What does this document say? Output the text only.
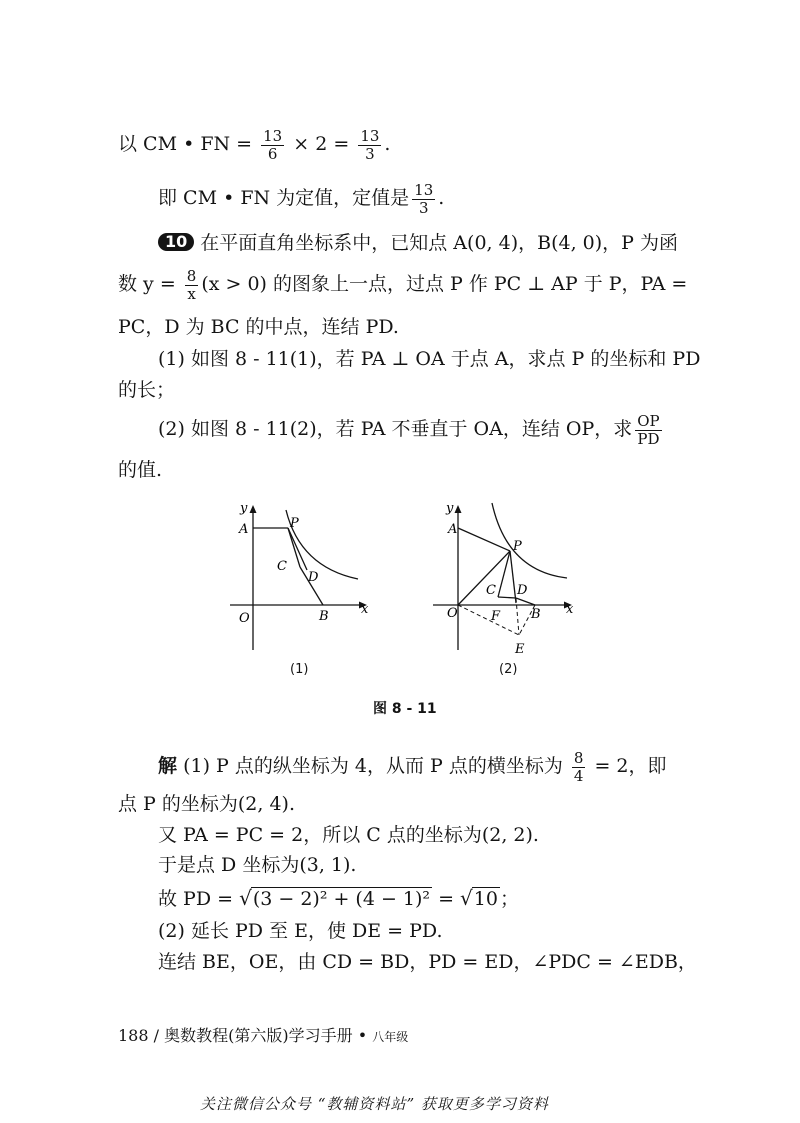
以 CM • FN = $\frac{13}{6} \times 2 = \frac{13}{3}$ .
即 CM • FN 为定值，定值是 $\frac{13}{3}$ .
10 在平面直角坐标系中，已知点 A(0, 4)，B(4, 0)，P 为函
数 $y = \frac{8}{x} (x > 0)$ 的图象上一点，过点 P 作 PC ⊥ AP 于 P，PA =
PC，D 为 BC 的中点，连结 PD.
(1) 如图 8 - 11(1)，若 PA ⊥ OA 于点 A，求点 P 的坐标和 PD
的长；
(2) 如图 8 - 11(2)，若 PA 不垂直于 OA，连结 OP，求 $\frac{OP}{PD}$
的值.
y
x
A	P
C
D
O	B
(1)
y
x
A
P
C D
O	F B
E
(2)
图 8 - 11
解 (1) P 点的纵坐标为 4，从而 P 点的横坐标为 $\frac{8}{4} = 2$，即
点 P 的坐标为(2, 4).
又 PA = PC = 2，所以 C 点的坐标为(2, 2).
于是点 D 坐标为(3, 1).
故 PD = √(3 − 2)² + (4 − 1)² = √10 ；
(2) 延长 PD 至 E，使 DE = PD.
连结 BE，OE，由 CD = BD，PD = ED，∠PDC = ∠EDB，
188 / 奥数教程(第六版)学习手册 • 八年级
关注微信公众号 “教辅资料站” 获取更多学习资料
